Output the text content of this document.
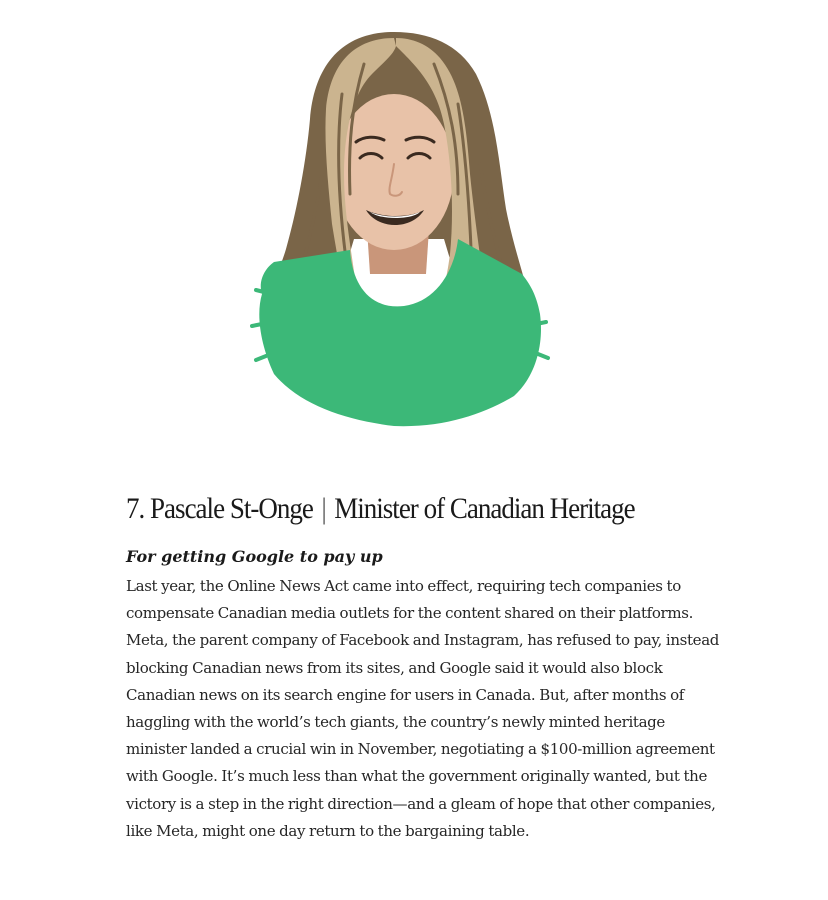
7. Pascale St-Onge | Minister of Canadian Heritage

For getting Google to pay up

Last year, the Online News Act came into effect, requiring tech companies to compensate Canadian media outlets for the content shared on their platforms. Meta, the parent company of Facebook and Instagram, has refused to pay, instead blocking Canadian news from its sites, and Google said it would also block Canadian news on its search engine for users in Canada. But, after months of haggling with the world’s tech giants, the country’s newly minted heritage minister landed a crucial win in November, negotiating a $100-million agreement with Google. It’s much less than what the government originally wanted, but the victory is a step in the right direction—and a gleam of hope that other companies, like Meta, might one day return to the bargaining table.
